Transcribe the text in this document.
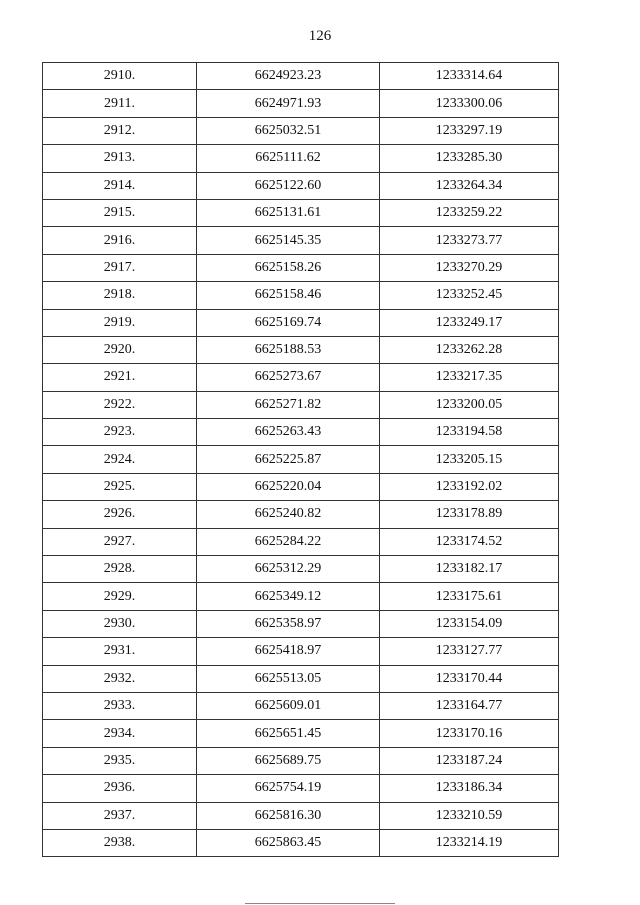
126
2910.	6624923.23	1233314.64
2911.	6624971.93	1233300.06
2912.	6625032.51	1233297.19
2913.	6625111.62	1233285.30
2914.	6625122.60	1233264.34
2915.	6625131.61	1233259.22
2916.	6625145.35	1233273.77
2917.	6625158.26	1233270.29
2918.	6625158.46	1233252.45
2919.	6625169.74	1233249.17
2920.	6625188.53	1233262.28
2921.	6625273.67	1233217.35
2922.	6625271.82	1233200.05
2923.	6625263.43	1233194.58
2924.	6625225.87	1233205.15
2925.	6625220.04	1233192.02
2926.	6625240.82	1233178.89
2927.	6625284.22	1233174.52
2928.	6625312.29	1233182.17
2929.	6625349.12	1233175.61
2930.	6625358.97	1233154.09
2931.	6625418.97	1233127.77
2932.	6625513.05	1233170.44
2933.	6625609.01	1233164.77
2934.	6625651.45	1233170.16
2935.	6625689.75	1233187.24
2936.	6625754.19	1233186.34
2937.	6625816.30	1233210.59
2938.	6625863.45	1233214.19
